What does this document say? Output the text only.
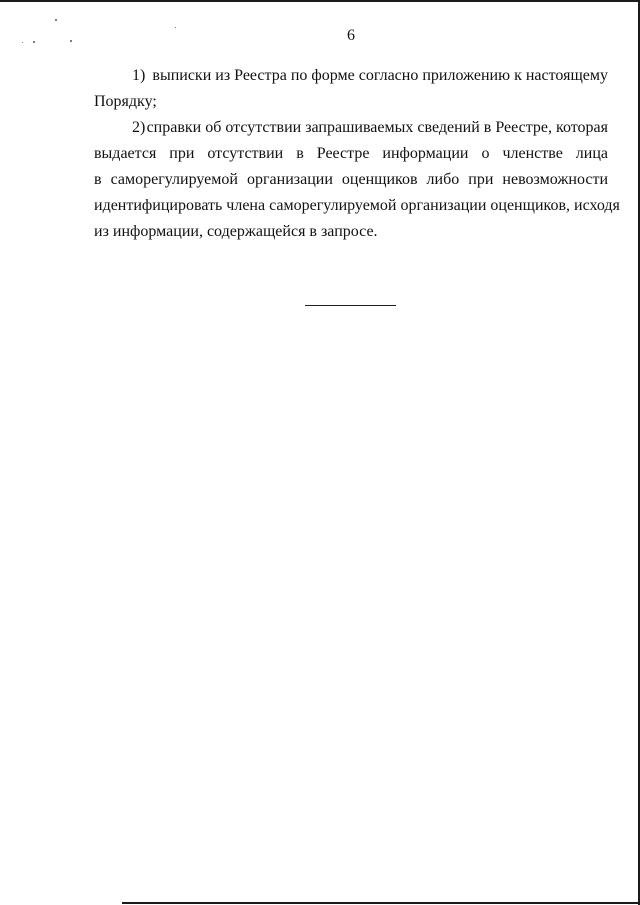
6
1) выписки из Реестра по форме согласно приложению к настоящему
Порядку;
2) справки об отсутствии запрашиваемых сведений в Реестре, которая
выдается при отсутствии в Реестре информации о членстве лица
в саморегулируемой организации оценщиков либо при невозможности
идентифицировать члена саморегулируемой организации оценщиков, исходя
из информации, содержащейся в запросе.
